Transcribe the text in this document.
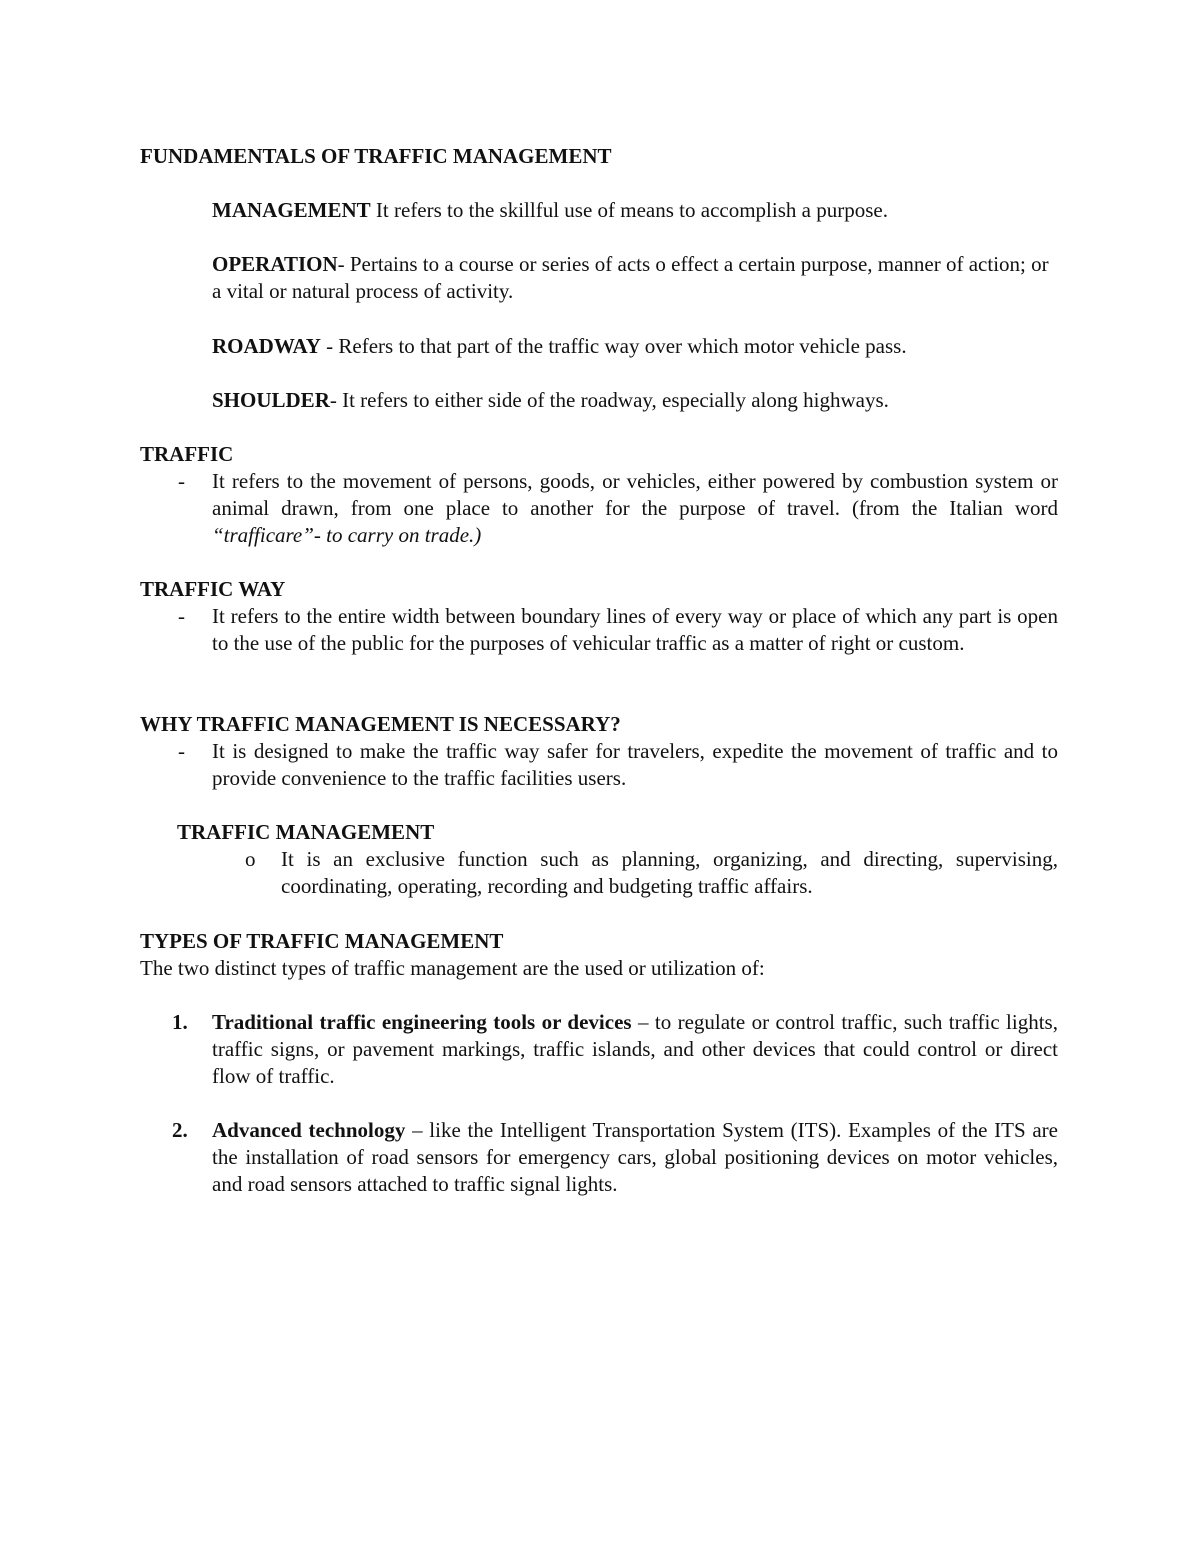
FUNDAMENTALS OF TRAFFIC MANAGEMENT
MANAGEMENT It refers to the skillful use of means to accomplish a purpose.
OPERATION- Pertains to a course or series of acts o effect a certain purpose, manner of action; or a vital or natural process of activity.
ROADWAY - Refers to that part of the traffic way over which motor vehicle pass.
SHOULDER- It refers to either side of the roadway, especially along highways.
TRAFFIC
- It refers to the movement of persons, goods, or vehicles, either powered by combustion system or animal drawn, from one place to another for the purpose of travel. (from the Italian word “trafficare”- to carry on trade.)
TRAFFIC WAY
- It refers to the entire width between boundary lines of every way or place of which any part is open to the use of the public for the purposes of vehicular traffic as a matter of right or custom.
WHY TRAFFIC MANAGEMENT IS NECESSARY?
- It is designed to make the traffic way safer for travelers, expedite the movement of traffic and to provide convenience to the traffic facilities users.
TRAFFIC MANAGEMENT
o It is an exclusive function such as planning, organizing, and directing, supervising, coordinating, operating, recording and budgeting traffic affairs.
TYPES OF TRAFFIC MANAGEMENT
The two distinct types of traffic management are the used or utilization of:
1. Traditional traffic engineering tools or devices – to regulate or control traffic, such traffic lights, traffic signs, or pavement markings, traffic islands, and other devices that could control or direct flow of traffic.
2. Advanced technology – like the Intelligent Transportation System (ITS). Examples of the ITS are the installation of road sensors for emergency cars, global positioning devices on motor vehicles, and road sensors attached to traffic signal lights.
